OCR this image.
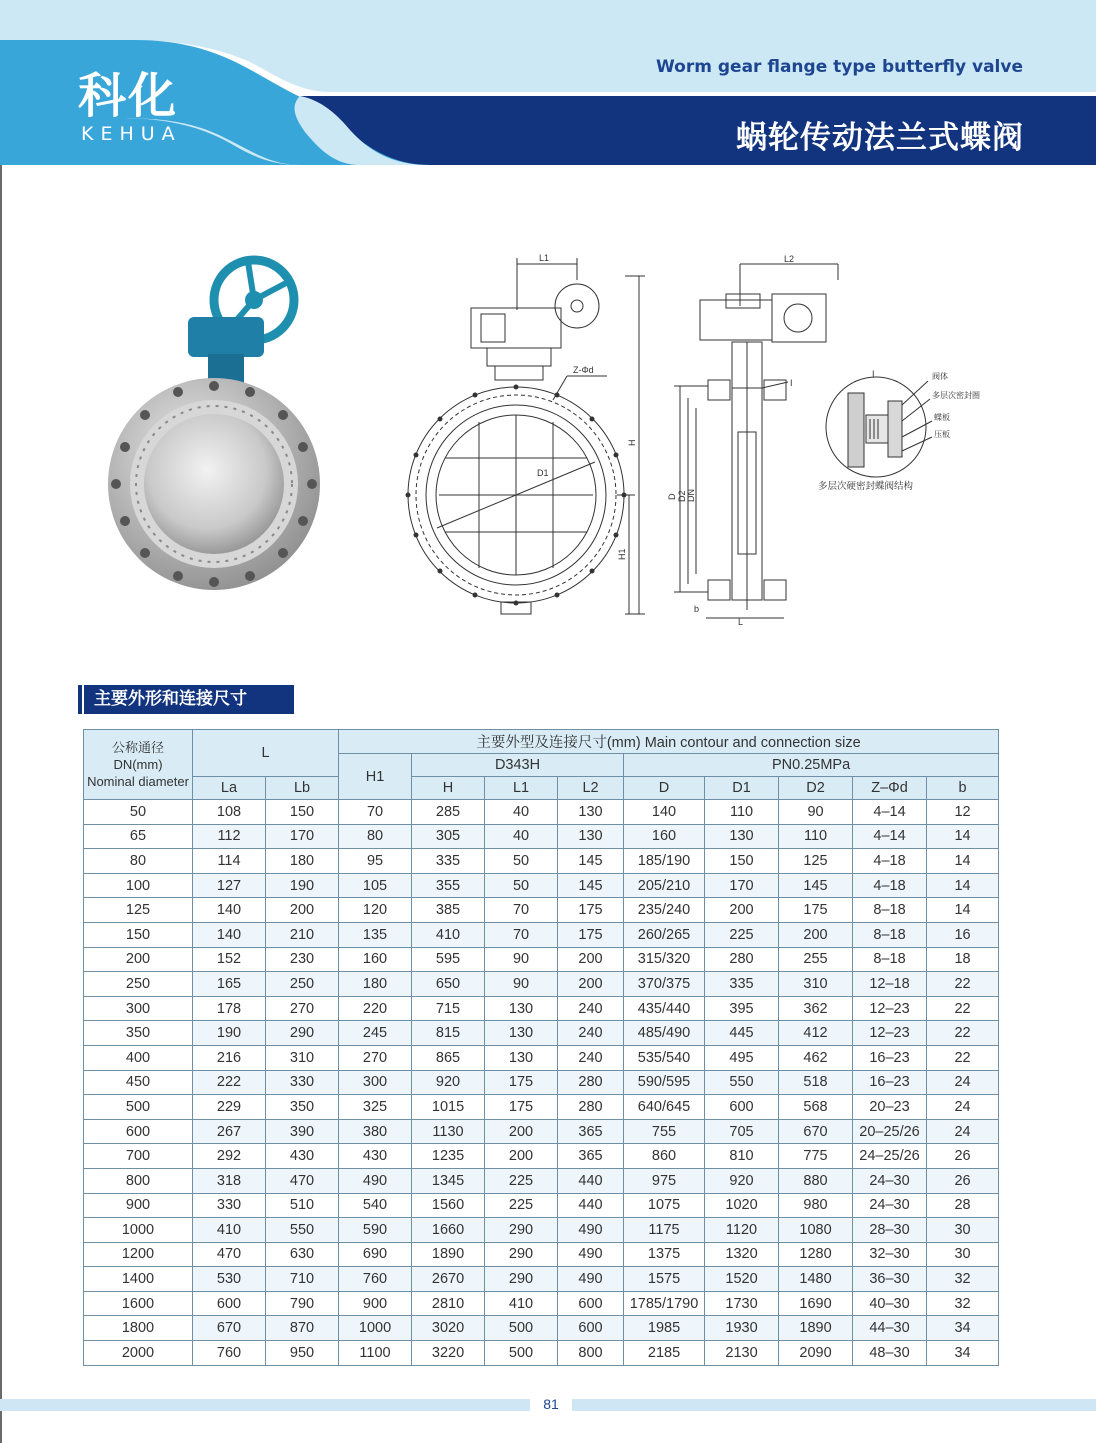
科化
KEHUA
Worm gear flange type butterfly valve
蜗轮传动法兰式蝶阀
L1
Z-Φd
D1
H
H1
L2
I
D D2 DN
b
L
I	阀体
多层次密封圈
蝶板
压板
多层次硬密封蝶阀结构
主要外形和连接尺寸
公称通径
DN(mm)
Nominal diameter	L		主要外型及连接尺寸(mm) Main contour and connection size								
			H1	D343H			PN0.25MPa				
	La	Lb		H	L1	L2	D	D1	D2	Z–Φd	b
50	108	150	70	285	40	130	140	110	90	4–14	12
65	112	170	80	305	40	130	160	130	110	4–14	14
80	114	180	95	335	50	145	185/190	150	125	4–18	14
100	127	190	105	355	50	145	205/210	170	145	4–18	14
125	140	200	120	385	70	175	235/240	200	175	8–18	14
150	140	210	135	410	70	175	260/265	225	200	8–18	16
200	152	230	160	595	90	200	315/320	280	255	8–18	18
250	165	250	180	650	90	200	370/375	335	310	12–18	22
300	178	270	220	715	130	240	435/440	395	362	12–23	22
350	190	290	245	815	130	240	485/490	445	412	12–23	22
400	216	310	270	865	130	240	535/540	495	462	16–23	22
450	222	330	300	920	175	280	590/595	550	518	16–23	24
500	229	350	325	1015	175	280	640/645	600	568	20–23	24
600	267	390	380	1130	200	365	755	705	670	20–25/26	24
700	292	430	430	1235	200	365	860	810	775	24–25/26	26
800	318	470	490	1345	225	440	975	920	880	24–30	26
900	330	510	540	1560	225	440	1075	1020	980	24–30	28
1000	410	550	590	1660	290	490	1175	1120	1080	28–30	30
1200	470	630	690	1890	290	490	1375	1320	1280	32–30	30
1400	530	710	760	2670	290	490	1575	1520	1480	36–30	32
1600	600	790	900	2810	410	600	1785/1790	1730	1690	40–30	32
1800	670	870	1000	3020	500	600	1985	1930	1890	44–30	34
2000	760	950	1100	3220	500	800	2185	2130	2090	48–30	34
81
